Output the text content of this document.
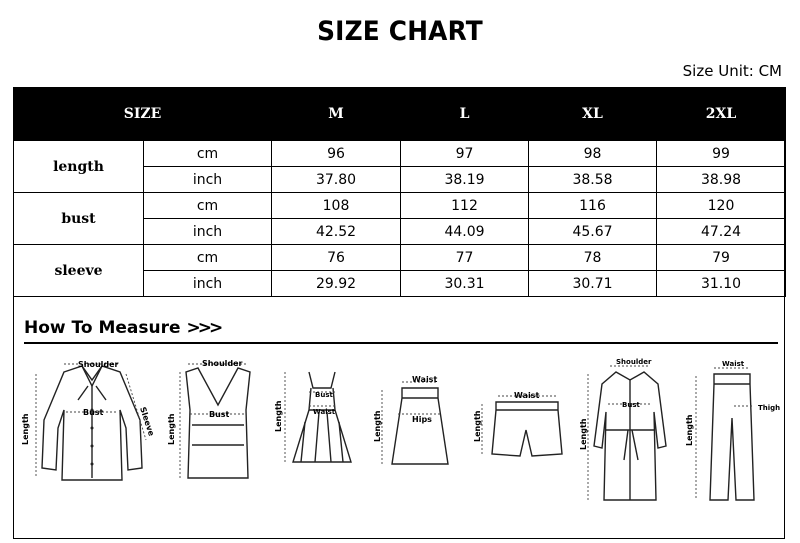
SIZE CHART
Size Unit: CM
SIZE		M	L	XL	2XL
length	cm	96	97	98	99
	inch	37.80	38.19	38.58	38.98
bust	cm	108	112	116	120
	inch	42.52	44.09	45.67	47.24
sleeve	cm	76	77	78	79
	inch	29.92	30.31	30.71	31.10
How To Measure >>>
Shoulder
Bust
Length	Sleeve
Shoulder
Bust
Length
Bust
Waist
Length
Waist
Hips
Length
Waist
Length
Shoulder
Bust
Length
Waist
Thigh
Length
